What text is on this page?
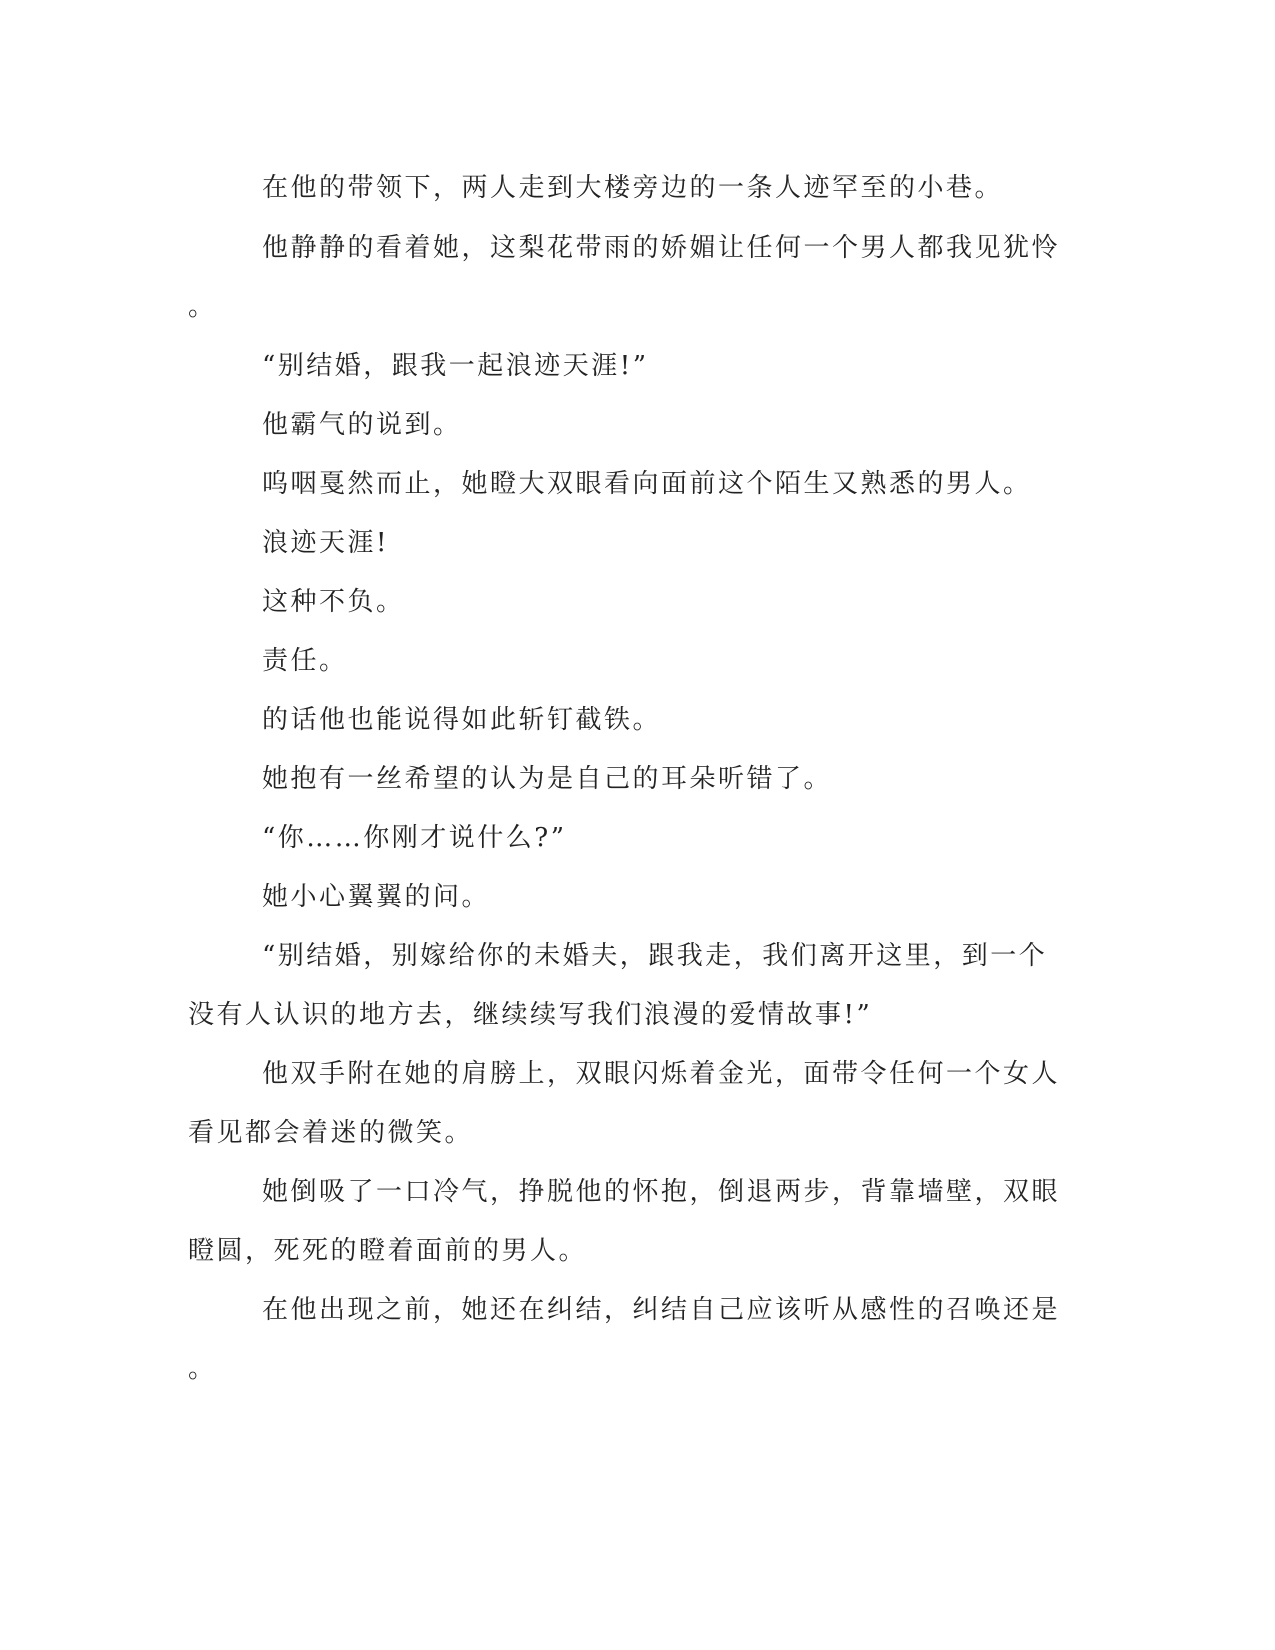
在他的带领下，两人走到大楼旁边的一条人迹罕至的小巷。
他静静的看着她，这梨花带雨的娇媚让任何一个男人都我见犹怜
。
“别结婚，跟我一起浪迹天涯!”
他霸气的说到。
呜咽戛然而止，她瞪大双眼看向面前这个陌生又熟悉的男人。
浪迹天涯!
这种不负。
责任。
的话他也能说得如此斩钉截铁。
她抱有一丝希望的认为是自己的耳朵听错了。
“你……你刚才说什么?”
她小心翼翼的问。
“别结婚，别嫁给你的未婚夫，跟我走，我们离开这里，到一个
没有人认识的地方去，继续续写我们浪漫的爱情故事!”
他双手附在她的肩膀上，双眼闪烁着金光，面带令任何一个女人
看见都会着迷的微笑。
她倒吸了一口冷气，挣脱他的怀抱，倒退两步，背靠墙壁，双眼
瞪圆，死死的瞪着面前的男人。
在他出现之前，她还在纠结，纠结自己应该听从感性的召唤还是
。
